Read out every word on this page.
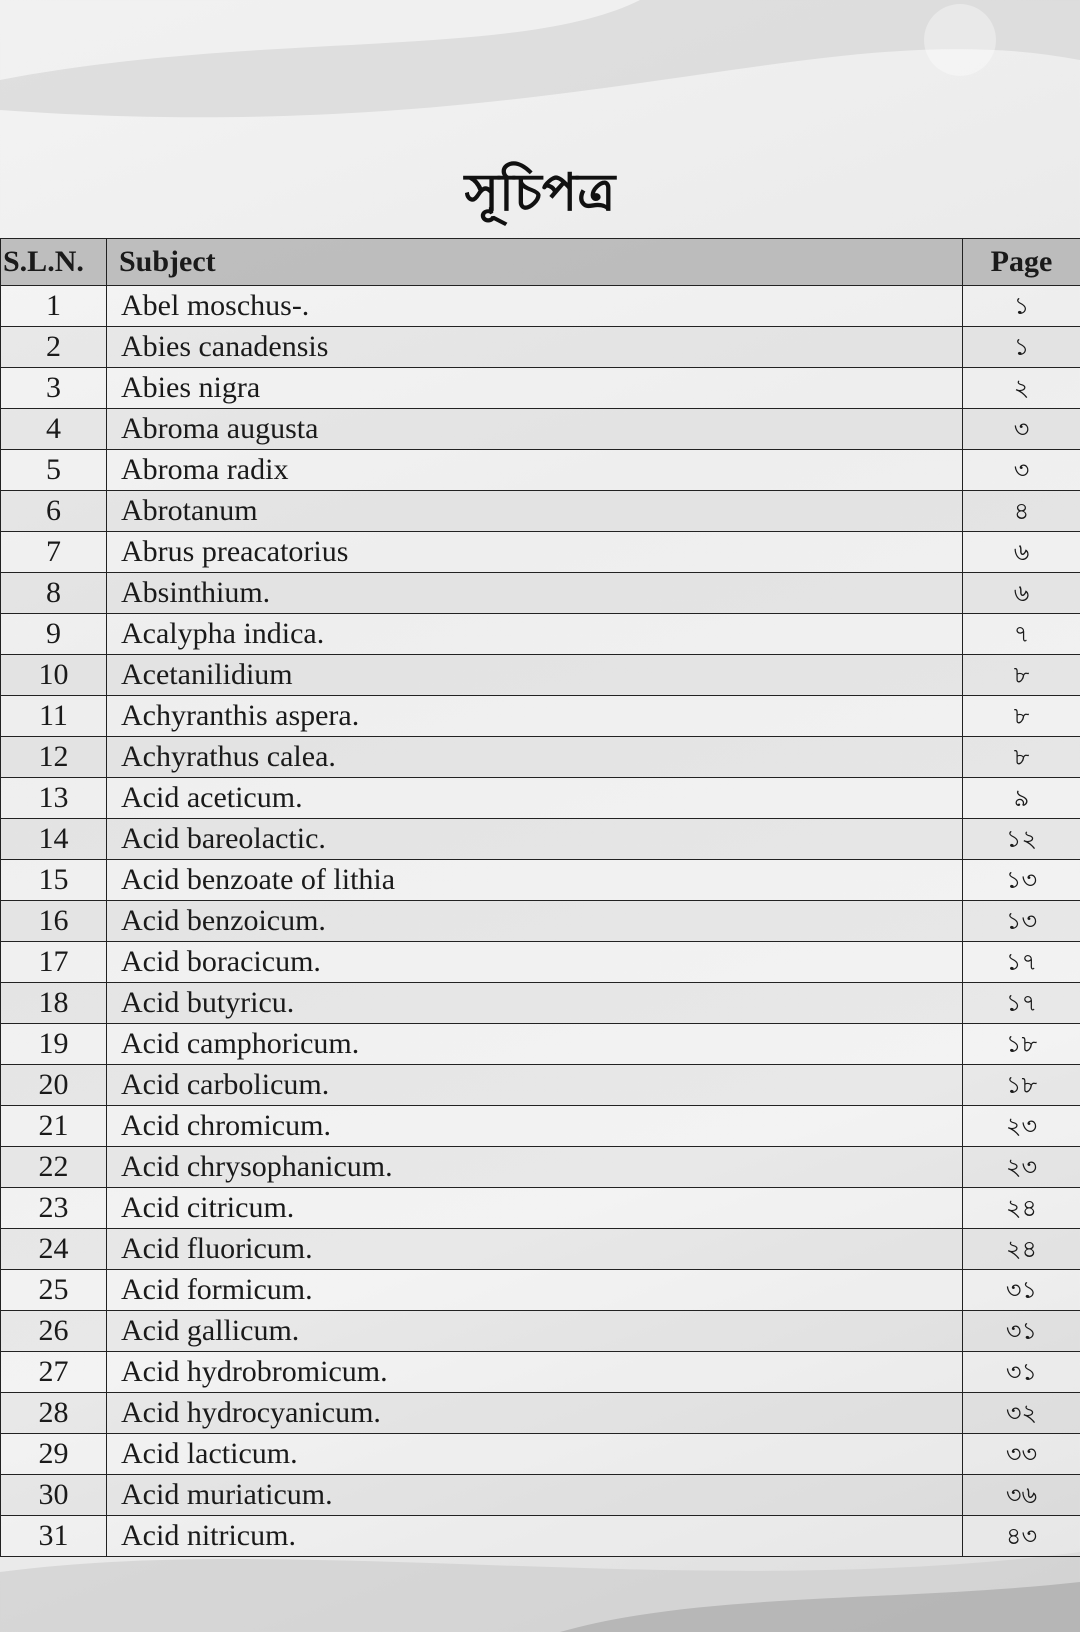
সূচিপত্র
S.L.N.	Subject	Page
1	Abel moschus-.	১
2	Abies canadensis	১
3	Abies nigra	২
4	Abroma augusta	৩
5	Abroma radix	৩
6	Abrotanum	৪
7	Abrus preacatorius	৬
8	Absinthium.	৬
9	Acalypha indica.	৭
10	Acetanilidium	৮
11	Achyranthis aspera.	৮
12	Achyrathus calea.	৮
13	Acid aceticum.	৯
14	Acid bareolactic.	১২
15	Acid benzoate of lithia	১৩
16	Acid benzoicum.	১৩
17	Acid boracicum.	১৭
18	Acid butyricu.	১৭
19	Acid camphoricum.	১৮
20	Acid carbolicum.	১৮
21	Acid chromicum.	২৩
22	Acid chrysophanicum.	২৩
23	Acid citricum.	২৪
24	Acid fluoricum.	২৪
25	Acid formicum.	৩১
26	Acid gallicum.	৩১
27	Acid hydrobromicum.	৩১
28	Acid hydrocyanicum.	৩২
29	Acid lacticum.	৩৩
30	Acid muriaticum.	৩৬
31	Acid nitricum.	৪৩
